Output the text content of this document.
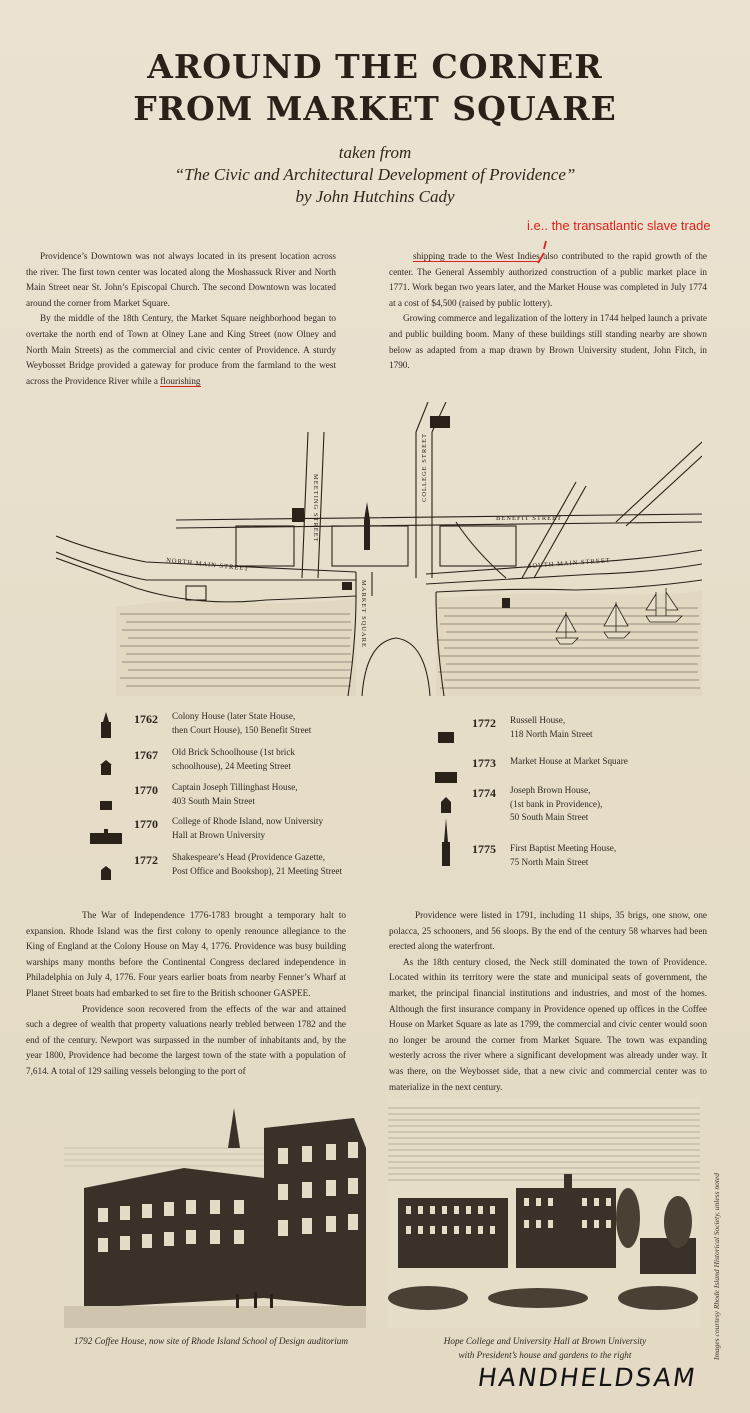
AROUND THE CORNER
FROM MARKET SQUARE
taken from
“The Civic and Architectural Development of Providence”
by John Hutchins Cady
i.e.. the transatlantic slave trade

Providence’s Downtown was not always located in its present location across the river. The first town center was located along the Moshassuck River and North Main Street near St. John’s Episcopal Church. The second Downtown was located around the corner from Market Square.

By the middle of the 18th Century, the Market Square neighborhood began to overtake the north end of Town at Olney Lane and King Street (now Olney and North Main Streets) as the commercial and civic center of Providence. A sturdy Weybosset Bridge provided a gateway for produce from the farmland to the west across the Providence River while a flourishing

shipping trade to the West Indies also contributed to the rapid growth of the center. The General Assembly authorized construction of a public market place in 1771. Work began two years later, and the Market House was completed in July 1774 at a cost of $4,500 (raised by public lottery).

Growing commerce and legalization of the lottery in 1744 helped launch a private and public building boom. Many of these buildings still standing nearby are shown below as adapted from a map drawn by Brown University student, John Fitch, in 1790.

BENEFIT STREET
NORTH MAIN STREET	SOUTH MAIN STREET
MEETING STREET
COLLEGE STREET
MARKET SQUARE
1762	Colony House (later State House,
then Court House), 150 Benefit Street
1767	Old Brick Schoolhouse (1st brick
schoolhouse), 24 Meeting Street
1770	Captain Joseph Tillinghast House,
403 South Main Street
1770	College of Rhode Island, now University
Hall at Brown University
1772	Shakespeare’s Head (Providence Gazette,
Post Office and Bookshop), 21 Meeting Street
1772	Russell House,
118 North Main Street
1773	Market House at Market Square
1774	Joseph Brown House,
(1st bank in Providence),
50 South Main Street
1775	First Baptist Meeting House,
75 North Main Street

The War of Independence 1776-1783 brought a temporary halt to expansion. Rhode Island was the first colony to openly renounce allegiance to the King of England at the Colony House on May 4, 1776. Providence was busy building warships many months before the Continental Congress declared independence in Philadelphia on July 4, 1776. Four years earlier boats from nearby Fenner’s Wharf at Planet Street boats had embarked to set fire to the British schooner GASPEE.

Providence soon recovered from the effects of the war and attained such a degree of wealth that property valuations nearly trebled between 1782 and the end of the century. Newport was surpassed in the number of inhabitants and, by the year 1800, Providence had become the largest town of the state with a population of 7,614. A total of 129 sailing vessels belonging to the port of

Providence were listed in 1791, including 11 ships, 35 brigs, one snow, one polacca, 25 schooners, and 56 sloops. By the end of the century 58 wharves had been erected along the waterfront.

As the 18th century closed, the Neck still dominated the town of Providence. Located within its territory were the state and municipal seats of government, the market, the principal financial institutions and industries, and most of the homes. Although the first insurance company in Providence opened up offices in the Coffee House on Market Square as late as 1799, the commercial and civic center would soon no longer be around the corner from Market Square. The town was expanding westerly across the river where a significant development was already under way. It was there, on the Weybosset side, that a new civic and commercial center was to materialize in the next century.

1792 Coffee House, now site of Rhode Island School of Design auditorium	Hope College and University Hall at Brown University
with President’s house and gardens to the right	Images courtesy Rhode Island Historical Society, unless noted
HANDHELDSAM
